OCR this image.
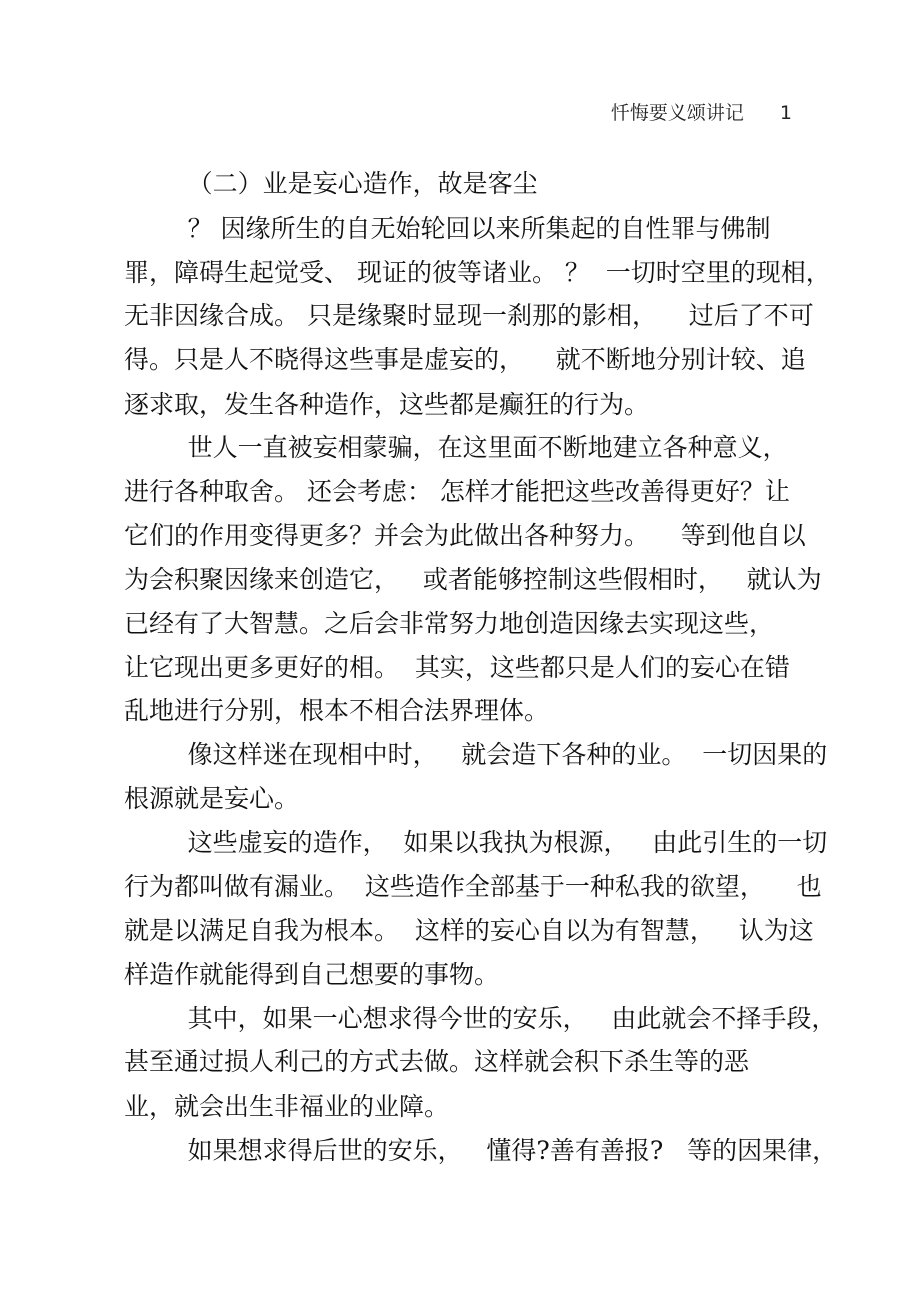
忏悔要义颂讲记 1
（二）业是妄心造作，故是客尘
？ 因缘所生的自无始轮回以来所集起的自性罪与佛制
罪，障碍生起觉受、 现证的彼等诸业。 ？  一切时空里的现相，
无非因缘合成。 只是缘聚时显现一刹那的影相，    过后了不可
得。只是人不晓得这些事是虚妄的，    就不断地分别计较、追
逐求取，发生各种造作，这些都是癫狂的行为。
世人一直被妄相蒙骗，在这里面不断地建立各种意义，
进行各种取舍。 还会考虑： 怎样才能把这些改善得更好？让
它们的作用变得更多？并会为此做出各种努力。    等到他自以
为会积聚因缘来创造它，   或者能够控制这些假相时，   就认为
已经有了大智慧。之后会非常努力地创造因缘去实现这些，
让它现出更多更好的相。  其实，这些都只是人们的妄心在错
乱地进行分别，根本不相合法界理体。
像这样迷在现相中时，   就会造下各种的业。  一切因果的
根源就是妄心。
这些虚妄的造作，  如果以我执为根源，   由此引生的一切
行为都叫做有漏业。  这些造作全部基于一种私我的欲望，    也
就是以满足自我为根本。  这样的妄心自以为有智慧，   认为这
样造作就能得到自己想要的事物。
其中，如果一心想求得今世的安乐，   由此就会不择手段，
甚至通过损人利己的方式去做。这样就会积下杀生等的恶
业，就会出生非福业的业障。
如果想求得后世的安乐，   懂得?善有善报?   等的因果律，
